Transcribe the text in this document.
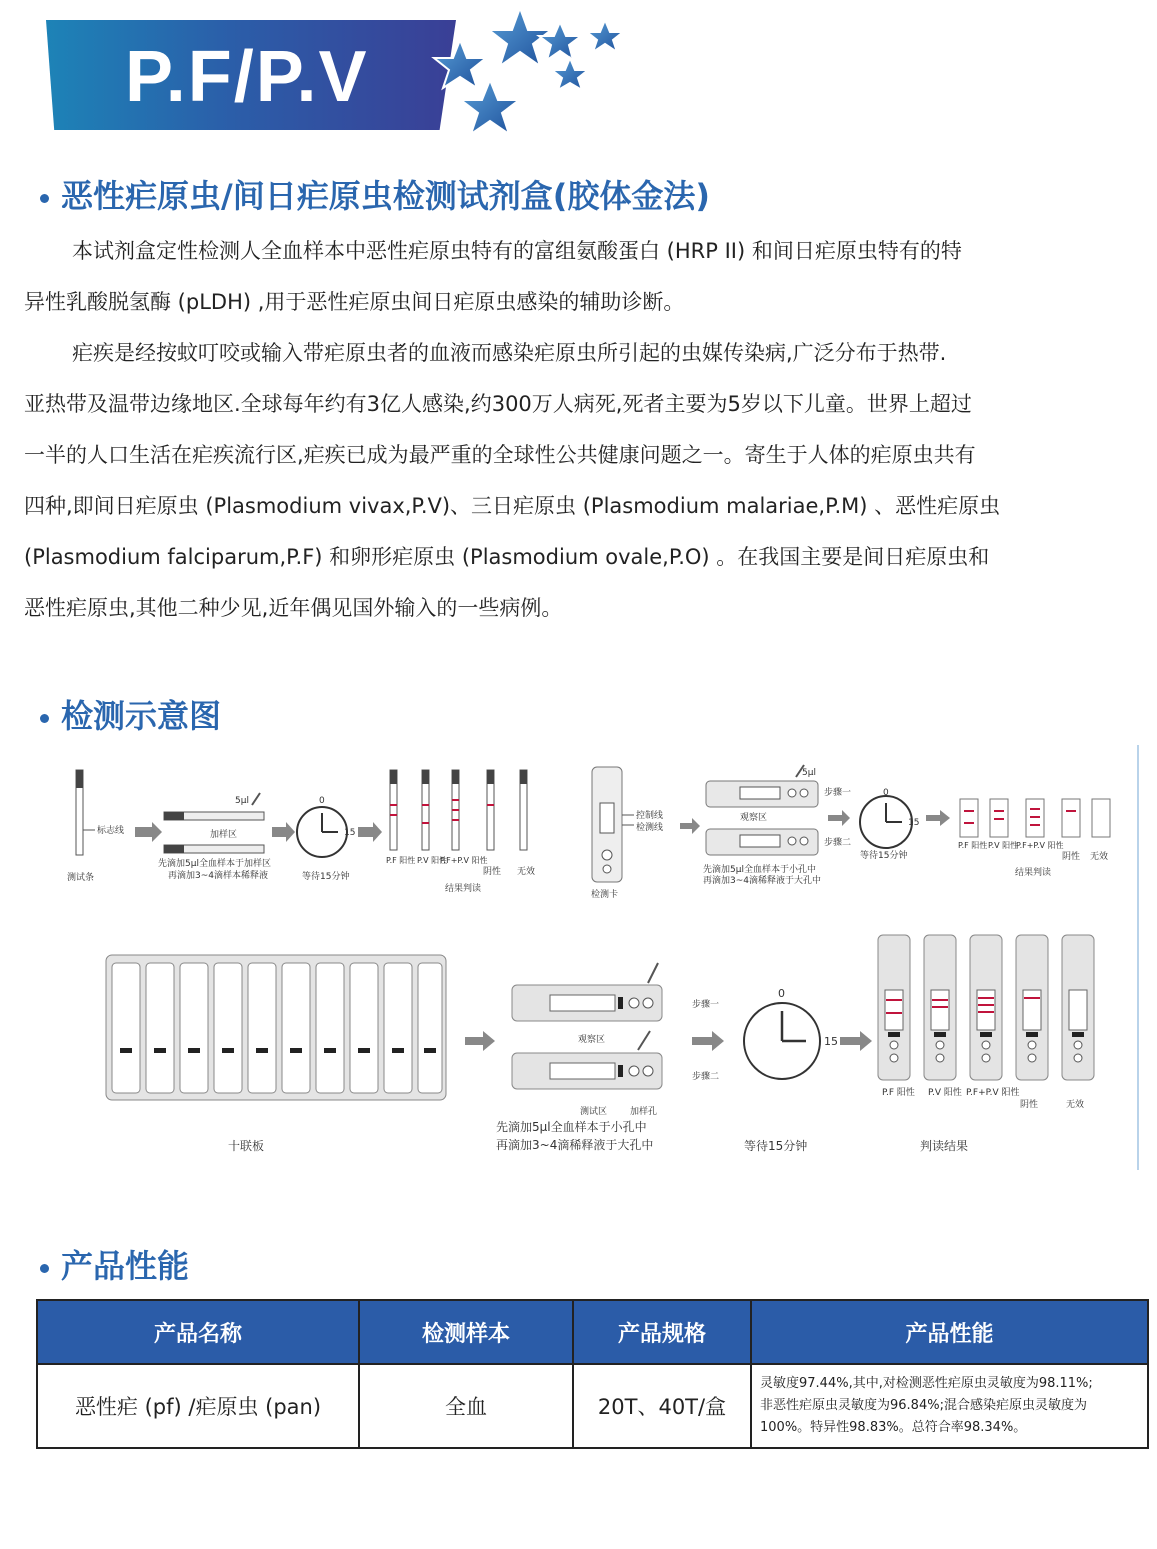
P.F/P.V
恶性疟原虫/间日疟原虫检测试剂盒(胶体金法)

本试剂盒定性检测人全血样本中恶性疟原虫特有的富组氨酸蛋白 (HRP II) 和间日疟原虫特有的特

异性乳酸脱氢酶 (pLDH) ,用于恶性疟原虫间日疟原虫感染的辅助诊断。

疟疾是经按蚊叮咬或输入带疟原虫者的血液而感染疟原虫所引起的虫媒传染病,广泛分布于热带.

亚热带及温带边缘地区.全球每年约有3亿人感染,约300万人病死,死者主要为5岁以下儿童。世界上超过

一半的人口生活在疟疾流行区,疟疾已成为最严重的全球性公共健康问题之一。寄生于人体的疟原虫共有

四种,即间日疟原虫 (Plasmodium vivax,P.V)、三日疟原虫 (Plasmodium malariae,P.M) 、恶性疟原虫

(Plasmodium falciparum,P.F) 和卵形疟原虫 (Plasmodium ovale,P.O) 。在我国主要是间日疟原虫和

恶性疟原虫,其他二种少见,近年偶见国外输入的一些病例。

检测示意图
标志线
测试条
5μl
加样区
先滴加5μl全血样本于加样区
再滴加3~4滴样本稀释液
0
15
等待15分钟
P.F 阳性 P.V 阳性
P.F+P.V 阳性
阴性 无效
结果判读
控制线
检测线
检测卡
5μl
步骤一
观察区
步骤二
先滴加5μl全血样本于小孔中
再滴加3~4滴稀释液于大孔中
0
15
等待15分钟
P.F 阳性 P.V 阳性
P.F+P.V 阳性
阴性 无效
结果判读
十联板
步骤一
观察区
步骤二
测试区	加样孔
先滴加5μl全血样本于小孔中
再滴加3~4滴稀释液于大孔中
0
15
等待15分钟
P.F 阳性 P.V 阳性 P.F+P.V 阳性
阴性	无效
判读结果
产品性能
产品名称	检测样本	产品规格	产品性能
恶性疟 (pf) /疟原虫 (pan)	全血	20T、40T/盒	灵敏度97.44%,其中,对检测恶性疟原虫灵敏度为98.11%;
非恶性疟原虫灵敏度为96.84%;混合感染疟原虫灵敏度为
100%。特异性98.83%。总符合率98.34%。
